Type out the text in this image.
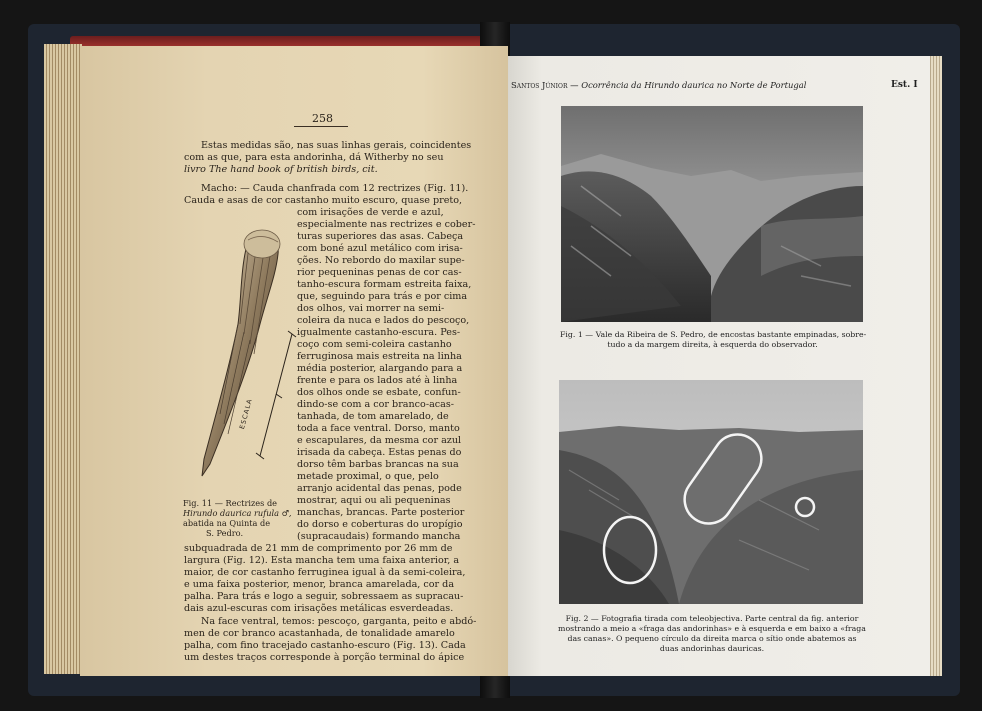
258
Estas medidas são, nas suas linhas gerais, coincidentes
com as que, para esta andorinha, dá Witherby no seu
livro The hand book of british birds, cit.
Macho: — Cauda chanfrada com 12 rectrizes (Fig. 11).
Cauda e asas de cor castanho muito escuro, quase preto,
com irisações de verde e azul,
especialmente nas rectrizes e cober-
turas superiores das asas. Cabeça
com boné azul metálico com irisa-
ções. No rebordo do maxilar supe-
rior pequeninas penas de cor cas-
tanho-escura formam estreita faixa,
que, seguindo para trás e por cima
dos olhos, vai morrer na semi-
coleira da nuca e lados do pescoço,
igualmente castanho-escura. Pes-
coço com semi-coleira castanho
ferruginosa mais estreita na linha
média posterior, alargando para a
frente e para os lados até à linha
dos olhos onde se esbate, confun-
dindo-se com a cor branco-acas-
tanhada, de tom amarelado, de
toda a face ventral. Dorso, manto
e escapulares, da mesma cor azul
irisada da cabeça. Estas penas do
dorso têm barbas brancas na sua
metade proximal, o que, pelo
arranjo acidental das penas, pode
mostrar, aqui ou ali pequeninas
manchas, brancas. Parte posterior
do dorso e coberturas do uropígio
(supracaudais) formando mancha
ESCALA
Fig. 11 — Rectrizes de
Hirundo daurica rufula ♂,
abatida na Quinta de
S. Pedro.
subquadrada de 21 mm de comprimento por 26 mm de
largura (Fig. 12). Esta mancha tem uma faixa anterior, a
maior, de cor castanho ferruginea igual à da semi-coleira,
e uma faixa posterior, menor, branca amarelada, cor da
palha. Para trás e logo a seguir, sobressaem as supracau-
dais azul-escuras com irisações metálicas esverdeadas.
Na face ventral, temos: pescoço, garganta, peito e abdó-
men de cor branco acastanhada, de tonalidade amarelo
palha, com fino tracejado castanho-escuro (Fig. 13). Cada
um destes traços corresponde à porção terminal do ápice
Santos Júnior — Ocorrência da Hirundo daurica no Norte de Portugal	Est. I
Fig. 1 — Vale da Ribeira de S. Pedro, de encostas bastante empinadas, sobre-
tudo a da margem direita, à esquerda do observador.
Fig. 2 — Fotografia tirada com teleobjectiva. Parte central da fig. anterior
mostrando a meio a «fraga das andorinhas» e à esquerda e em baixo a «fraga
das canas». O pequeno círculo da direita marca o sítio onde abatemos as
duas andorinhas dauricas.
